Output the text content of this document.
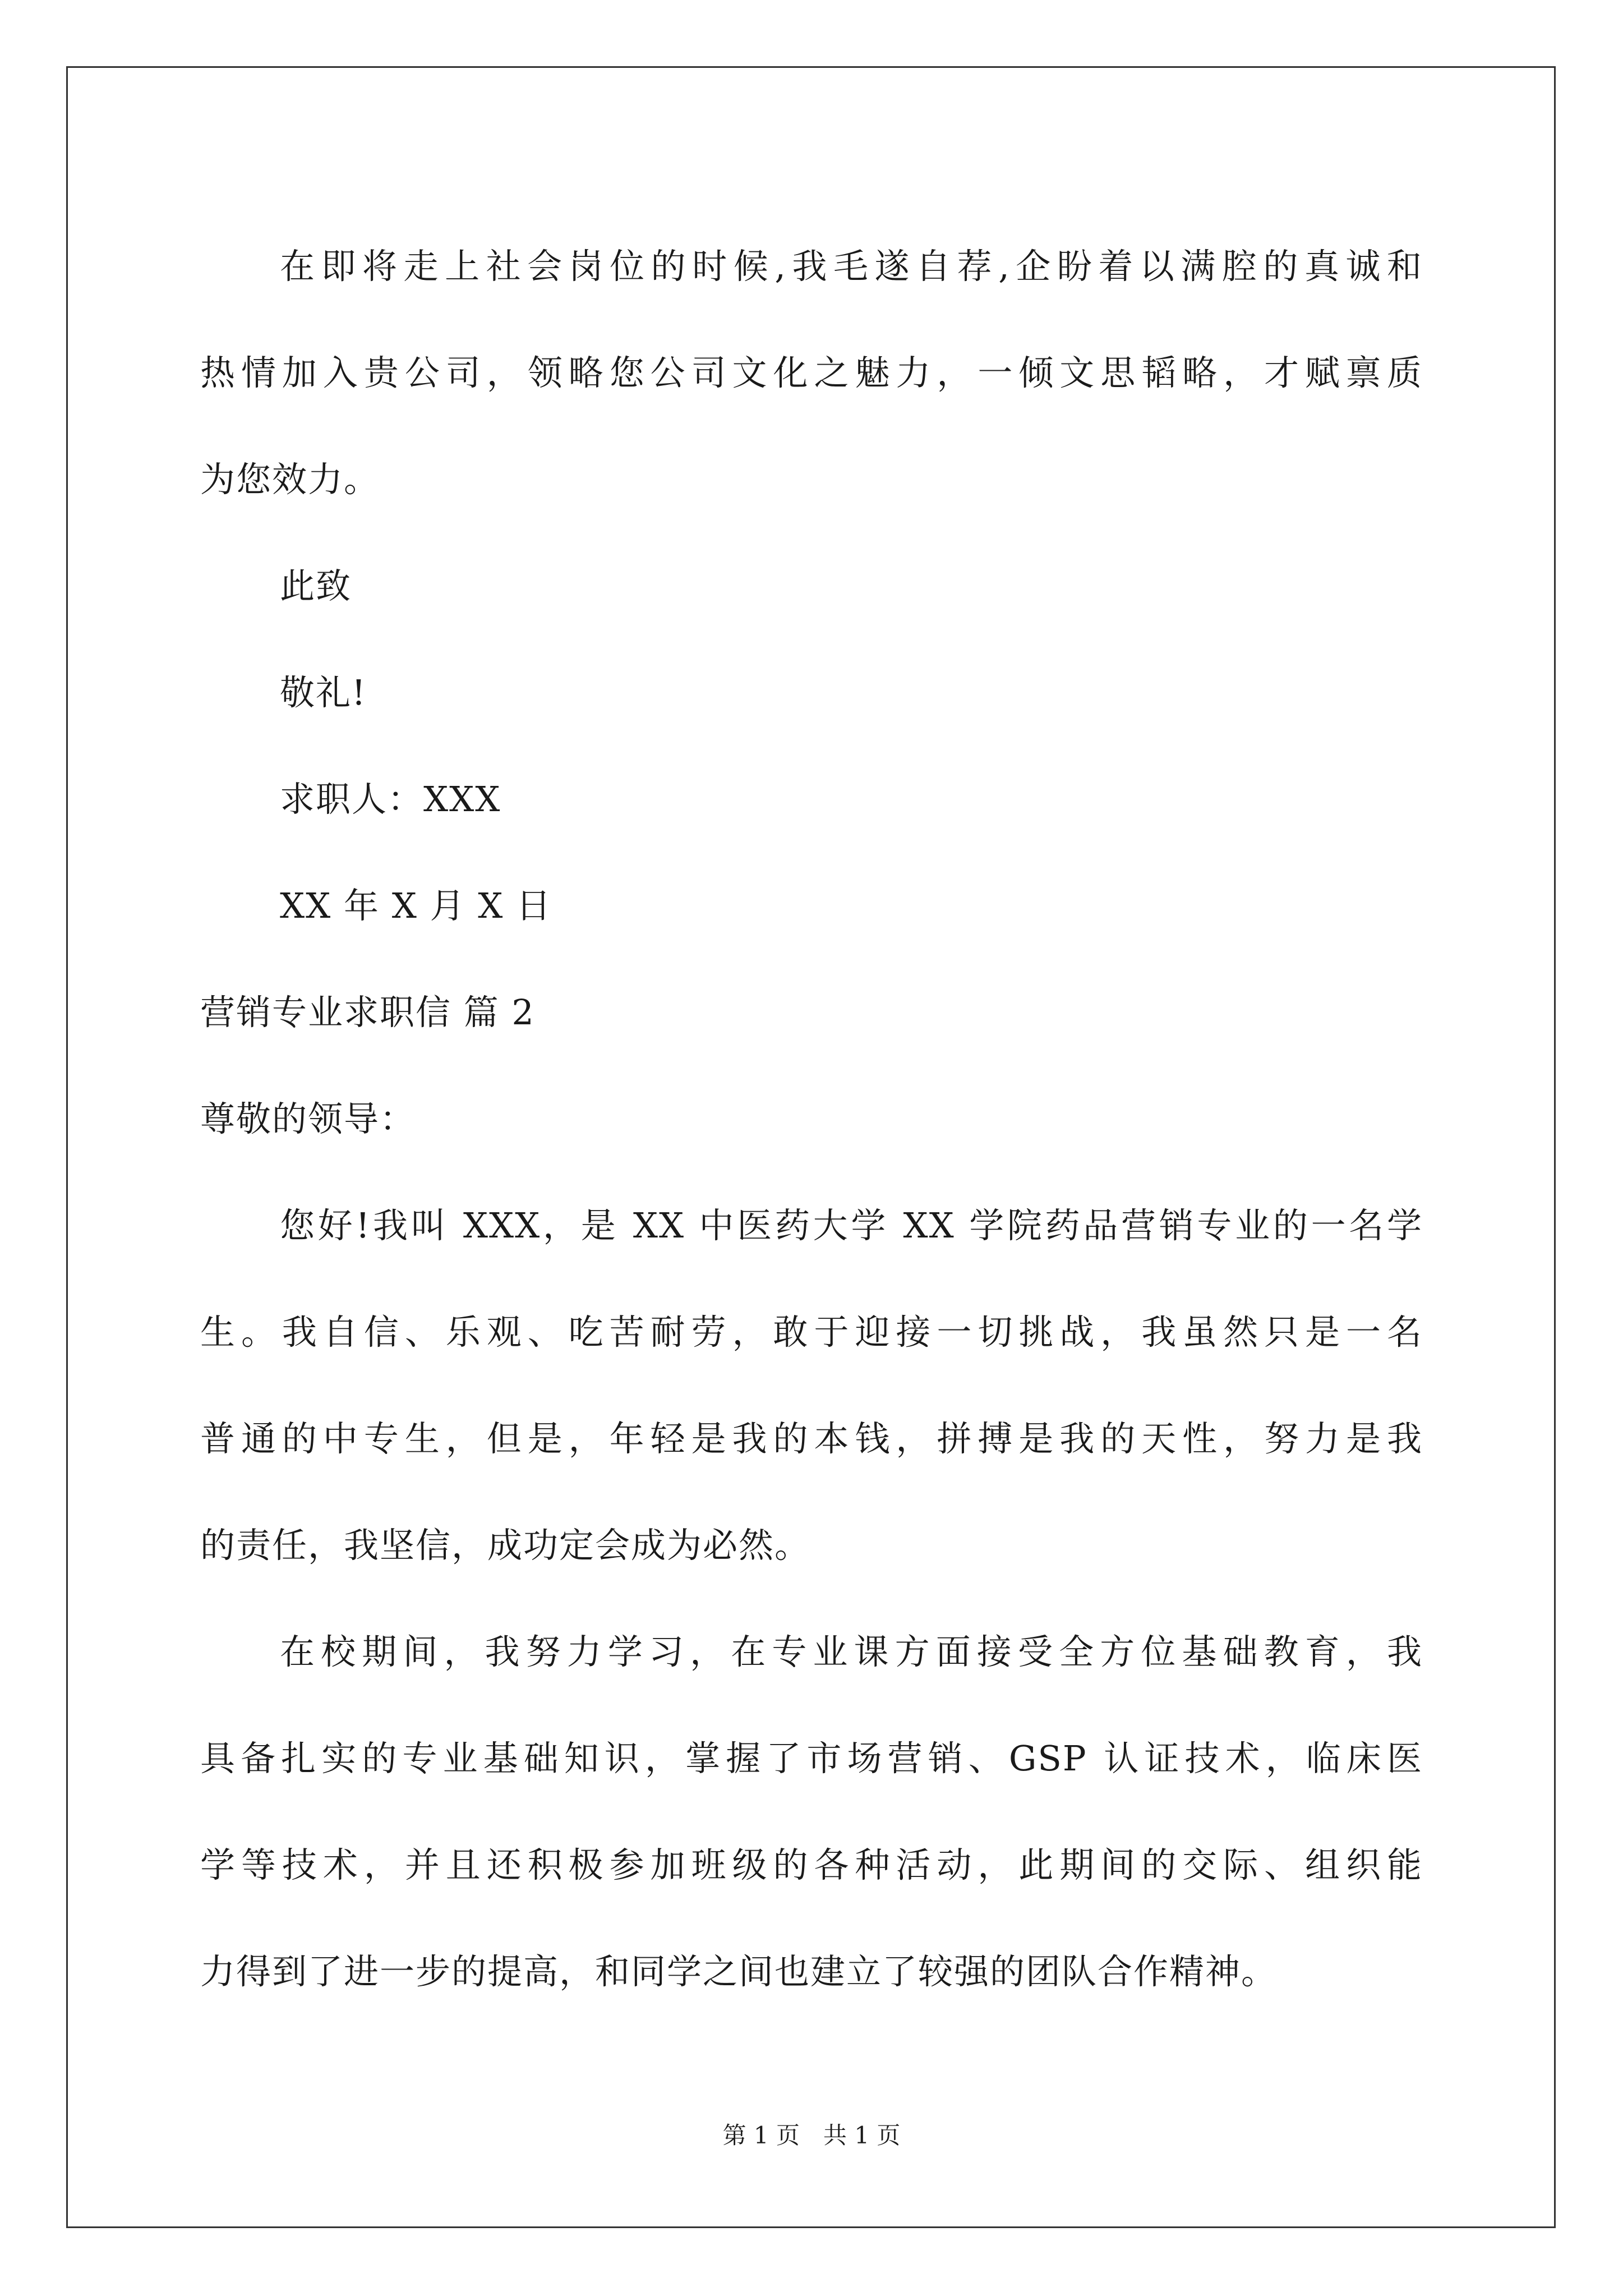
在即将走上社会岗位的时候,我毛遂自荐,企盼着以满腔的真诚和
热情加入贵公司，领略您公司文化之魅力，一倾文思韬略，才赋禀质
为您效力。
此致
敬礼!
求职人：XXX
XX 年 X 月 X 日
营销专业求职信 篇 2
尊敬的领导：
您好!我叫 XXX，是 XX 中医药大学 XX 学院药品营销专业的一名学
生。我自信、乐观、吃苦耐劳，敢于迎接一切挑战，我虽然只是一名
普通的中专生，但是，年轻是我的本钱，拼搏是我的天性，努力是我
的责任，我坚信，成功定会成为必然。
在校期间，我努力学习，在专业课方面接受全方位基础教育，我
具备扎实的专业基础知识，掌握了市场营销、GSP 认证技术，临床医
学等技术，并且还积极参加班级的各种活动，此期间的交际、组织能
力得到了进一步的提高，和同学之间也建立了较强的团队合作精神。
第 1 页　共 1 页
